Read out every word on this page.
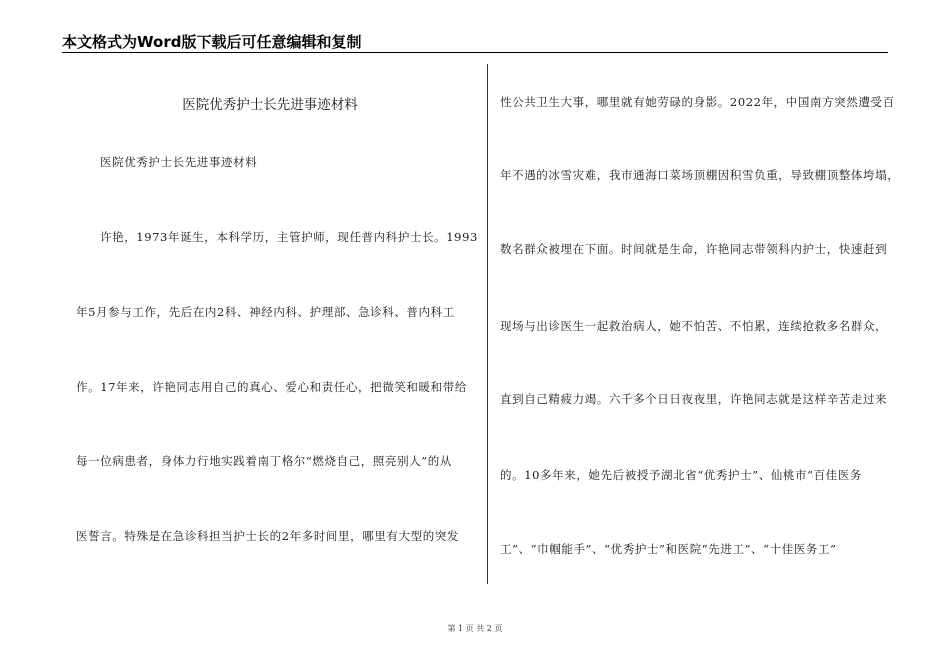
本文格式为Word版下载后可任意编辑和复制
医院优秀护士长先进事迹材料
医院优秀护士长先进事迹材料
许艳，1973年诞生，本科学历，主管护师，现任普内科护士长。1993
年5月参与工作，先后在内2科、神经内科、护理部、急诊科、普内科工
作。17年来，许艳同志用自己的真心、爱心和责任心，把微笑和暖和带给
每一位病患者，身体力行地实践着南丁格尔“燃烧自己，照亮别人”的从
医誓言。特殊是在急诊科担当护士长的2年多时间里，哪里有大型的突发
性公共卫生大事，哪里就有她劳碌的身影。2022年，中国南方突然遭受百
年不遇的冰雪灾难，我市通海口菜场顶棚因积雪负重，导致棚顶整体垮塌，
数名群众被埋在下面。时间就是生命，许艳同志带领科内护士，快速赶到
现场与出诊医生一起救治病人，她不怕苦、不怕累，连续抢救多名群众，
直到自己精疲力竭。六千多个日日夜夜里，许艳同志就是这样辛苦走过来
的。10多年来，她先后被授予湖北省“优秀护士”、仙桃市“百佳医务
工”、“巾帼能手”、“优秀护士”和医院“先进工”、“十佳医务工”
第 1 页 共 2 页
